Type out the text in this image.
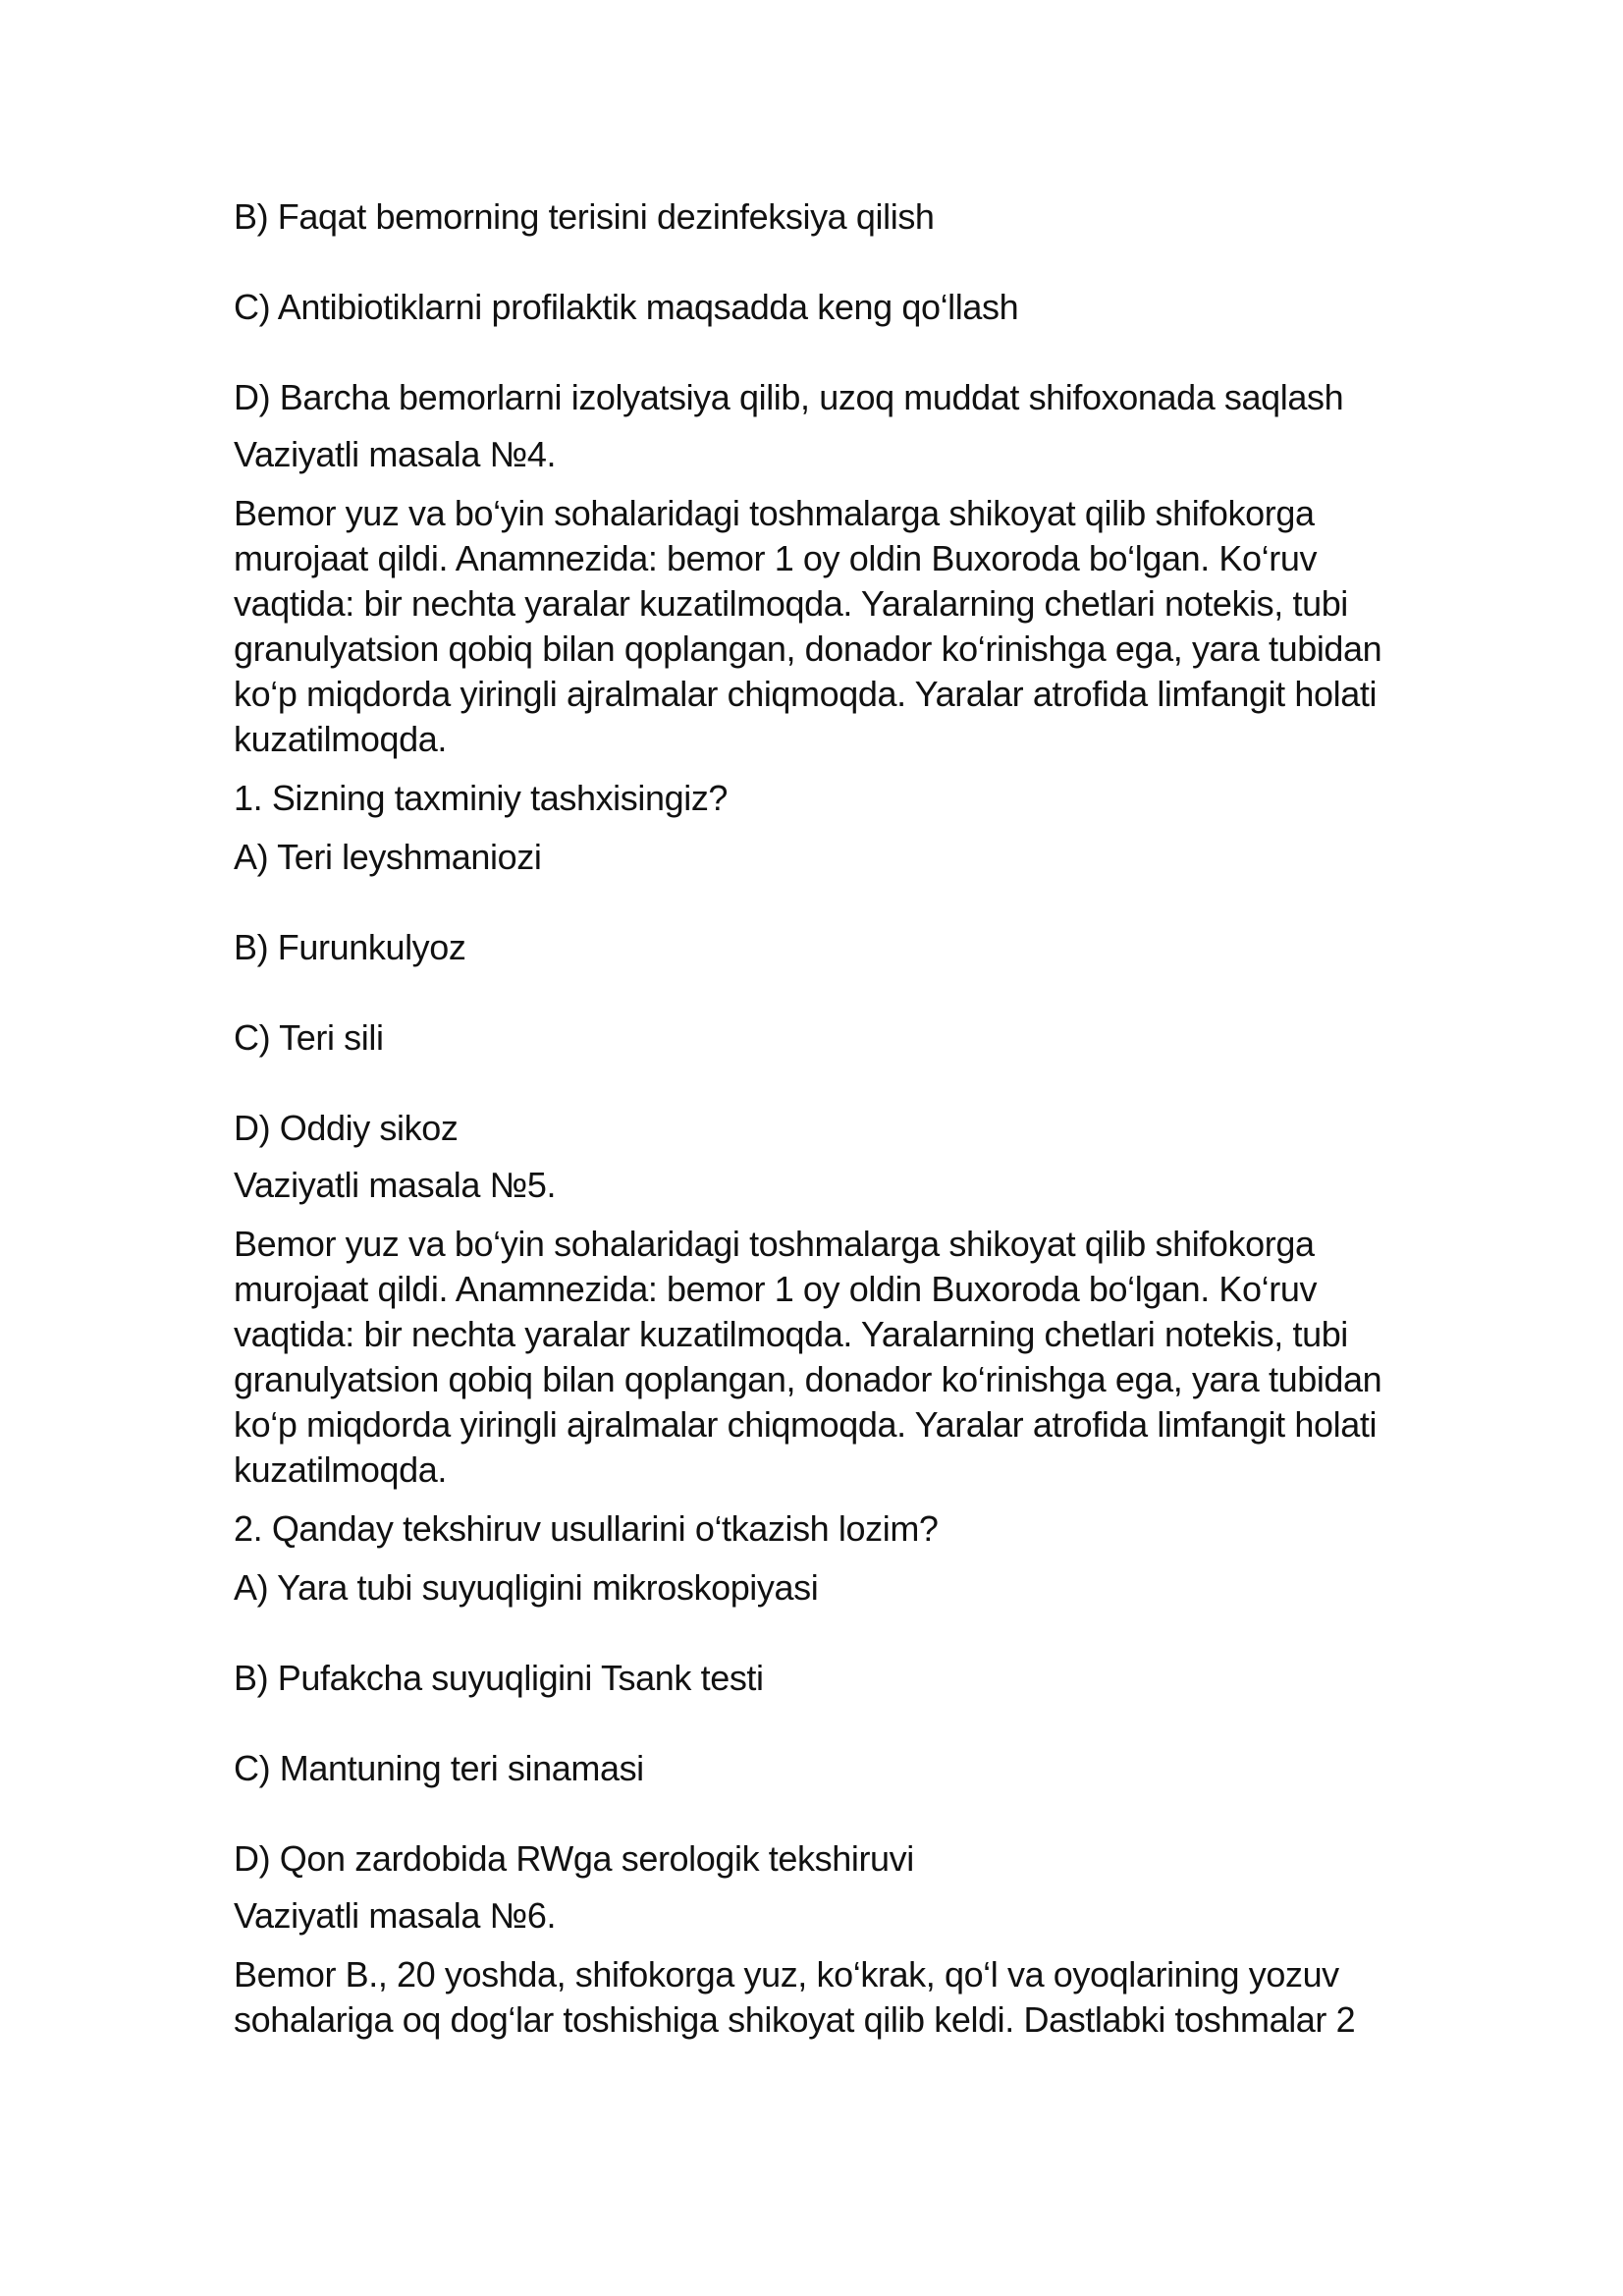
B) Faqat bemorning terisini dezinfeksiya qilish
C) Antibiotiklarni profilaktik maqsadda keng qo‘llash
D) Barcha bemorlarni izolyatsiya qilib, uzoq muddat shifoxonada saqlash
Vaziyatli masala №4.
Bemor yuz va bo‘yin sohalaridagi toshmalarga shikoyat qilib shifokorga
murojaat qildi. Anamnezida: bemor 1 oy oldin Buxoroda bo‘lgan. Ko‘ruv
vaqtida: bir nechta yaralar kuzatilmoqda. Yaralarning chetlari notekis, tubi
granulyatsion qobiq bilan qoplangan, donador ko‘rinishga ega, yara tubidan
ko‘p miqdorda yiringli ajralmalar chiqmoqda. Yaralar atrofida limfangit holati
kuzatilmoqda.
1. Sizning taxminiy tashxisingiz?
A) Teri leyshmaniozi
B) Furunkulyoz
C) Teri sili
D) Oddiy sikoz
Vaziyatli masala №5.
Bemor yuz va bo‘yin sohalaridagi toshmalarga shikoyat qilib shifokorga
murojaat qildi. Anamnezida: bemor 1 oy oldin Buxoroda bo‘lgan. Ko‘ruv
vaqtida: bir nechta yaralar kuzatilmoqda. Yaralarning chetlari notekis, tubi
granulyatsion qobiq bilan qoplangan, donador ko‘rinishga ega, yara tubidan
ko‘p miqdorda yiringli ajralmalar chiqmoqda. Yaralar atrofida limfangit holati
kuzatilmoqda.
2. Qanday tekshiruv usullarini o‘tkazish lozim?
A) Yara tubi suyuqligini mikroskopiyasi
B) Pufakcha suyuqligini Tsank testi
C) Mantuning teri sinamasi
D) Qon zardobida RWga serologik tekshiruvi
Vaziyatli masala №6.
Bemor B., 20 yoshda, shifokorga yuz, ko‘krak, qo‘l va oyoqlarining yozuv
sohalariga oq dog‘lar toshishiga shikoyat qilib keldi. Dastlabki toshmalar 2
